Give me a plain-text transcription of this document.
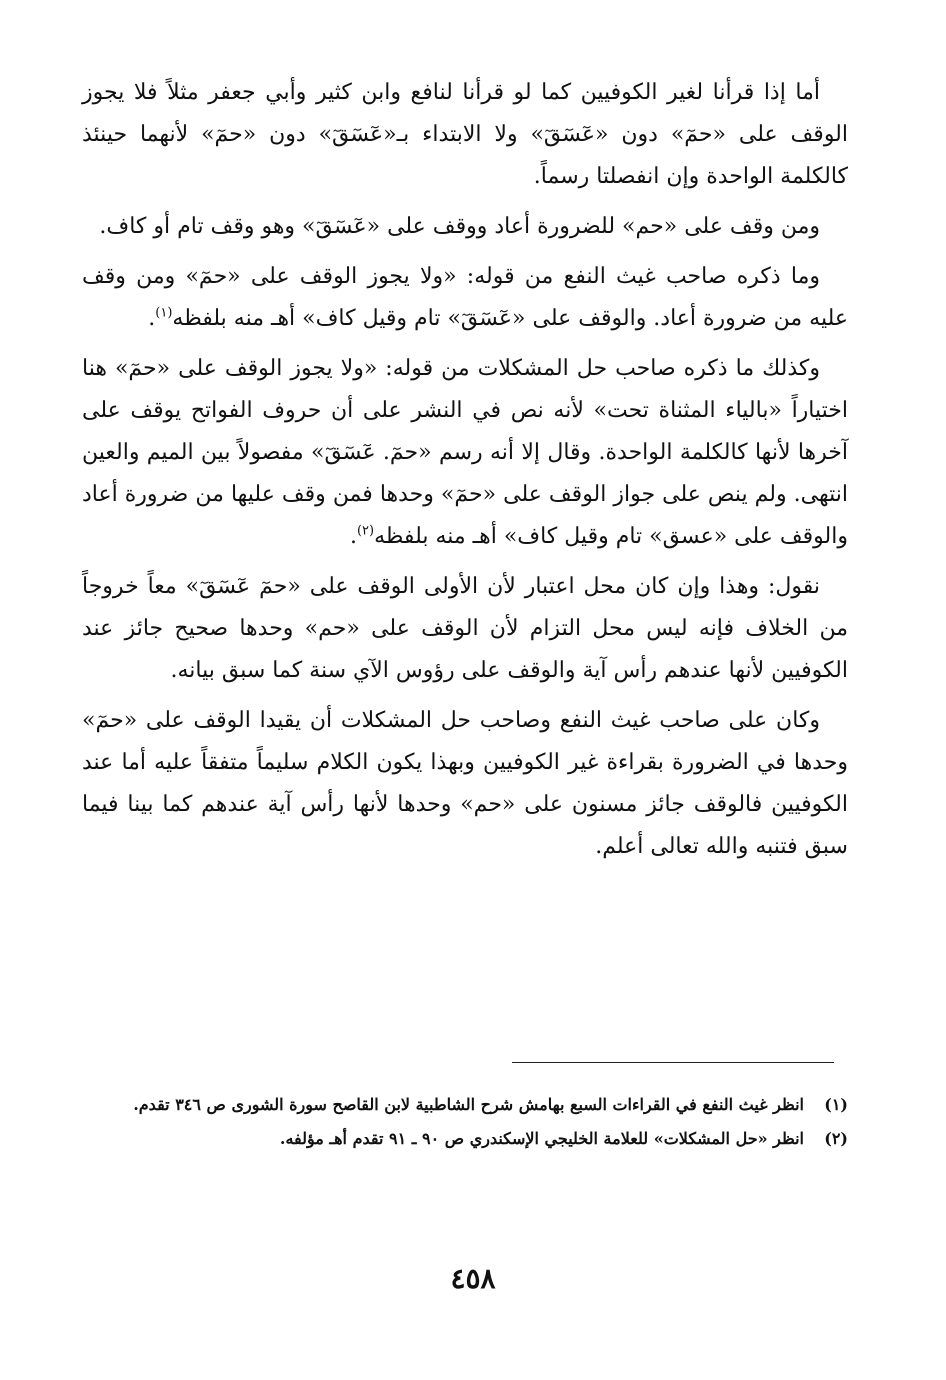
أما إذا قرأنا لغير الكوفيين كما لو قرأنا لنافع وابن كثير وأبي جعفر مثلاً فلا يجوز الوقف على «حمٓ» دون «عٓسٓقٓ» ولا الابتداء بـ«عٓسٓقٓ» دون «حمٓ» لأنهما حينئذ كالكلمة الواحدة وإن انفصلتا رسماً.

ومن وقف على «حم» للضرورة أعاد ووقف على «عٓسٓقٓ» وهو وقف تام أو كاف.

وما ذكره صاحب غيث النفع من قوله: «ولا يجوز الوقف على «حمٓ» ومن وقف عليه من ضرورة أعاد. والوقف على «عٓسٓقٓ» تام وقيل كاف» أهـ منه بلفظه$^{(١)}$.

وكذلك ما ذكره صاحب حل المشكلات من قوله: «ولا يجوز الوقف على «حمٓ» هنا اختياراً «بالياء المثناة تحت» لأنه نص في النشر على أن حروف الفواتح يوقف على آخرها لأنها كالكلمة الواحدة. وقال إلا أنه رسم «حمٓ. عٓسٓقٓ» مفصولاً بين الميم والعين انتهى. ولم ينص على جواز الوقف على «حمٓ» وحدها فمن وقف عليها من ضرورة أعاد والوقف على «عسق» تام وقيل كاف» أهـ منه بلفظه$^{(٢)}$.

نقول: وهذا وإن كان محل اعتبار لأن الأولى الوقف على «حمٓ عٓسٓقٓ» معاً خروجاً من الخلاف فإنه ليس محل التزام لأن الوقف على «حم» وحدها صحيح جائز عند الكوفيين لأنها عندهم رأس آية والوقف على رؤوس الآي سنة كما سبق بيانه.

وكان على صاحب غيث النفع وصاحب حل المشكلات أن يقيدا الوقف على «حمٓ» وحدها في الضرورة بقراءة غير الكوفيين وبهذا يكون الكلام سليماً متفقاً عليه أما عند الكوفيين فالوقف جائز مسنون على «حم» وحدها لأنها رأس آية عندهم كما بينا فيما سبق فتنبه والله تعالى أعلم.

(١)
انظر غيث النفع في القراءات السبع بهامش شرح الشاطبية لابن القاصح سورة الشورى ص ٣٤٦ تقدم.
(٢)
انظر «حل المشكلات» للعلامة الخليجي الإسكندري ص ٩٠ ـ ٩١ تقدم أهـ مؤلفه.
٤٥٨
